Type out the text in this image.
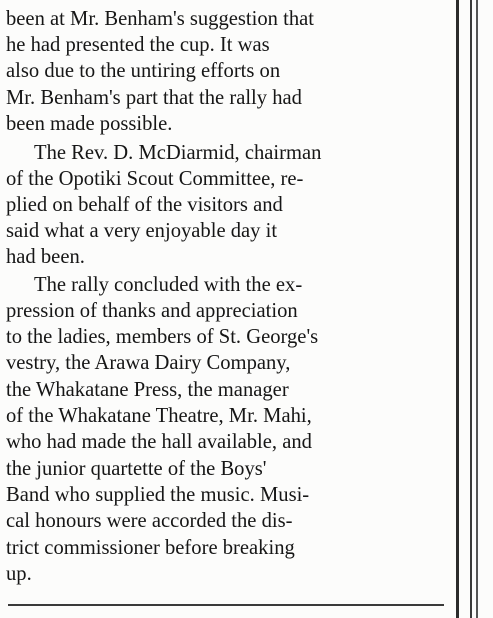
been at Mr. Benham's suggestion that
he had presented the cup. It was
also due to the untiring efforts on
Mr. Benham's part that the rally had
been made possible.
The Rev. D. McDiarmid, chairman
of the Opotiki Scout Committee, re-
plied on behalf of the visitors and
said what a very enjoyable day it
had been.
The rally concluded with the ex-
pression of thanks and appreciation
to the ladies, members of St. George's
vestry, the Arawa Dairy Company,
the Whakatane Press, the manager
of the Whakatane Theatre, Mr. Mahi,
who had made the hall available, and
the junior quartette of the Boys'
Band who supplied the music. Musi-
cal honours were accorded the dis-
trict commissioner before breaking
up.
